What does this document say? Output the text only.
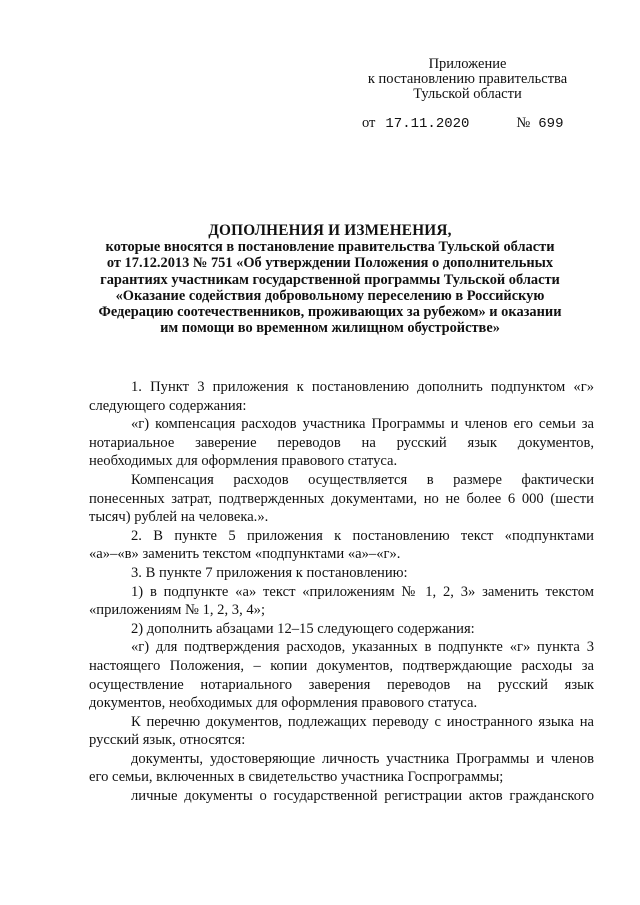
Приложение
к постановлению правительства
Тульской области
от 17.11.2020	№ 699
ДОПОЛНЕНИЯ И ИЗМЕНЕНИЯ,
которые вносятся в постановление правительства Тульской области
от 17.12.2013 № 751 «Об утверждении Положения о дополнительных
гарантиях участникам государственной программы Тульской области
«Оказание содействия добровольному переселению в Российскую
Федерацию соотечественников, проживающих за рубежом» и оказании
им помощи во временном жилищном обустройстве»
1. Пункт 3 приложения к постановлению дополнить подпунктом «г»
следующего содержания:
«г) компенсация расходов участника Программы и членов его семьи за
нотариальное заверение переводов на русский язык документов,
необходимых для оформления правового статуса.
Компенсация расходов осуществляется в размере фактически
понесенных затрат, подтвержденных документами, но не более 6 000 (шести
тысяч) рублей на человека.».
2. В пункте 5 приложения к постановлению текст «подпунктами
«а»–«в» заменить текстом «подпунктами «а»–«г».
3. В пункте 7 приложения к постановлению:
1) в подпункте «а» текст «приложениям № 1, 2, 3» заменить текстом
«приложениям № 1, 2, 3, 4»;
2) дополнить абзацами 12–15 следующего содержания:
«г) для подтверждения расходов, указанных в подпункте «г» пункта 3
настоящего Положения, – копии документов, подтверждающие расходы за
осуществление нотариального заверения переводов на русский язык
документов, необходимых для оформления правового статуса.
К перечню документов, подлежащих переводу с иностранного языка на
русский язык, относятся:
документы, удостоверяющие личность участника Программы и членов
его семьи, включенных в свидетельство участника Госпрограммы;
личные документы о государственной регистрации актов гражданского
